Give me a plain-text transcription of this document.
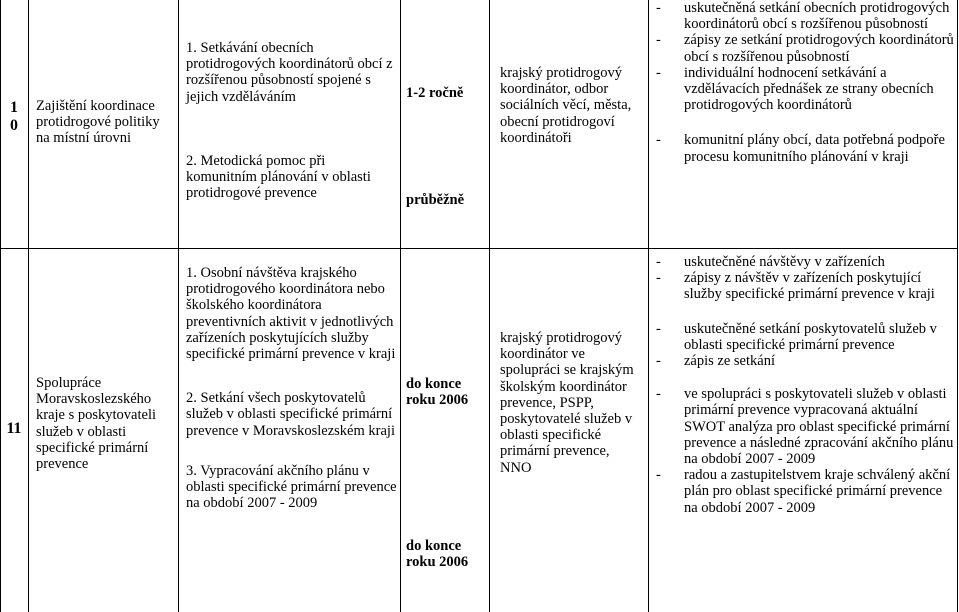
1
0
Zajištění koordinace protidrogové politiky na místní úrovni

1. Setkávání obecních protidrogových koordinátorů obcí z rozšířenou působností spojené s jejich vzděláváním

2. Metodická pomoc při komunitním plánování v oblasti protidrogové prevence

1-2 ročně
průběžně
krajský protidrogový koordinátor, odbor sociálních věcí, města, obecní protidrogoví koordinátoři
- uskutečněná setkání obecních protidrogových koordinátorů obcí s rozšířenou působností
- zápisy ze setkání protidrogových koordinátorů obcí s rozšířenou působností
- individuální hodnocení setkávání a vzdělávacích přednášek ze strany obecních protidrogových koordinátorů
- komunitní plány obcí, data potřebná podpoře procesu komunitního plánování v kraji
11
Spolupráce Moravskoslezského kraje s poskytovateli služeb v oblasti specifické primární prevence

1. Osobní návštěva krajského protidrogového koordinátora nebo školského koordinátora preventivních aktivit v jednotlivých zařízeních poskytujících služby specifické primární prevence v kraji

2. Setkání všech poskytovatelů služeb v oblasti specifické primární prevence v Moravskoslezském kraji

3. Vypracování akčního plánu v oblasti specifické primární prevence na období 2007 - 2009

do konce roku 2006
do konce roku 2006
krajský protidrogový koordinátor ve spolupráci se krajským školským koordinátor prevence, PSPP, poskytovatelé služeb v oblasti specifické primární prevence, NNO
- uskutečněné návštěvy v zařízeních
- zápisy z návštěv v zařízeních poskytující služby specifické primární prevence v kraji
- uskutečněné setkání poskytovatelů služeb v oblasti specifické primární prevence
- zápis ze setkání
- ve spolupráci s poskytovateli služeb v oblasti primární prevence vypracovaná aktuální SWOT analýza pro oblast specifické primární prevence a následné zpracování akčního plánu na období 2007 - 2009
- radou a zastupitelstvem kraje schválený akční plán pro oblast specifické primární prevence na období 2007 - 2009
